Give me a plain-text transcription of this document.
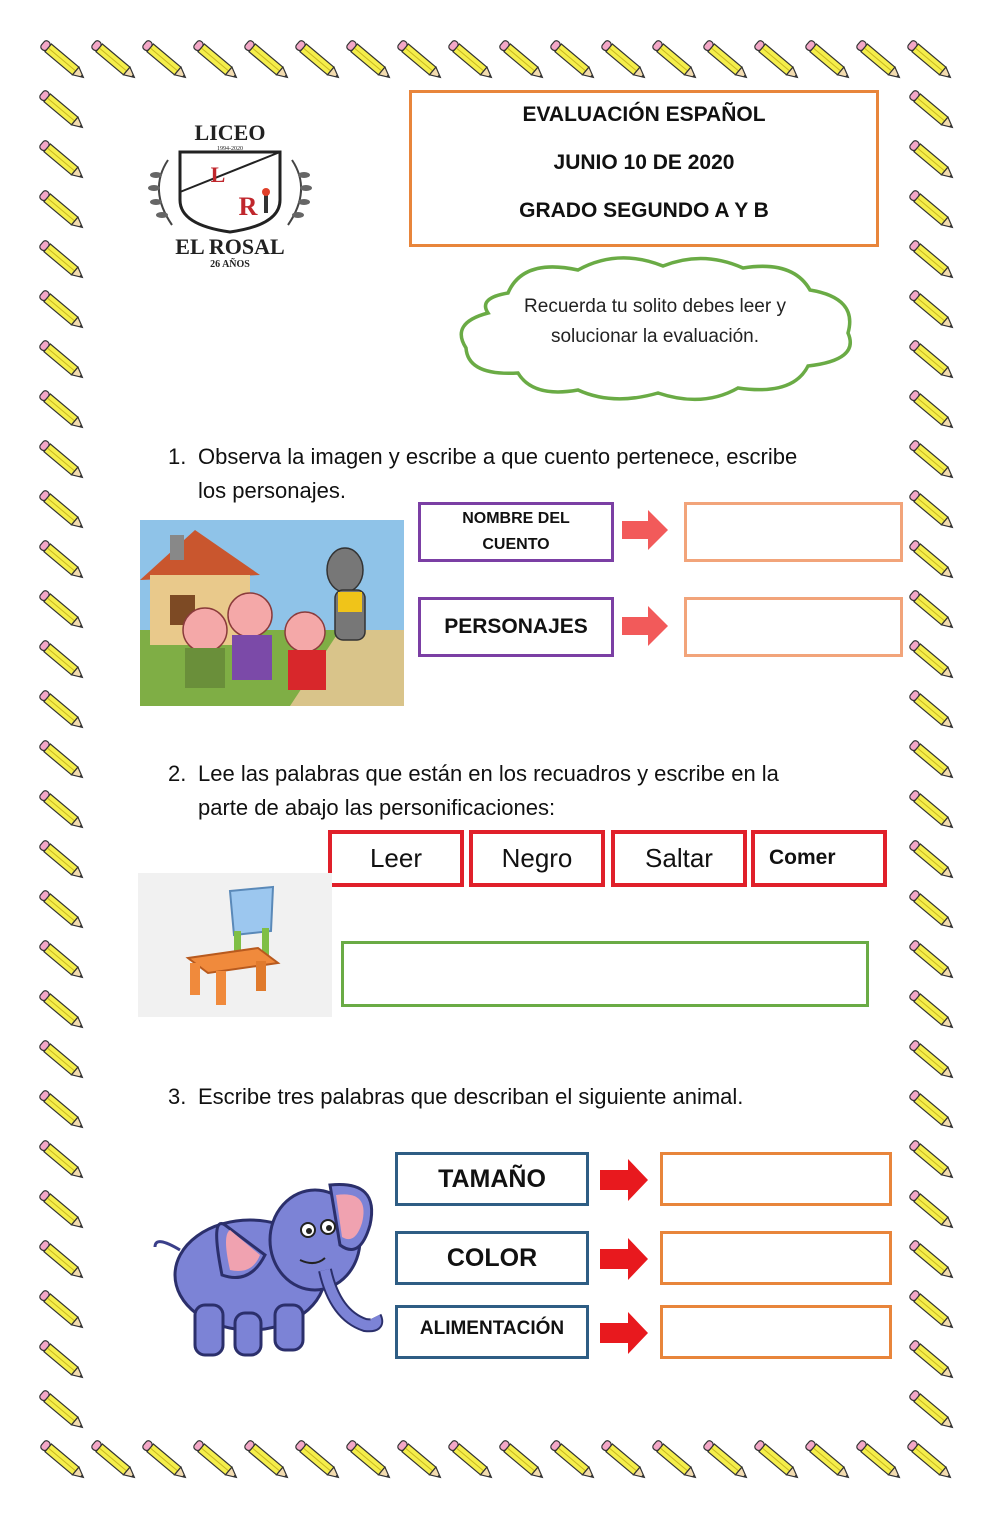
EVALUACIÓN ESPAÑOL
JUNIO 10 DE 2020
GRADO SEGUNDO A Y B
LICEO
1994-2020
L
R
EL ROSAL
26 AÑOS
Recuerda tu solito debes leer y
solucionar la evaluación.
1. Observa la imagen y escribe a que cuento pertenece, escribe
los personajes.
NOMBRE DEL
CUENTO
PERSONAJES
2. Lee las palabras que están en los recuadros y escribe en la
parte de abajo las personificaciones:
Leer	Negro	Saltar	Comer
3. Escribe tres palabras que describan el siguiente animal.
TAMAÑO
COLOR
ALIMENTACIÓN
